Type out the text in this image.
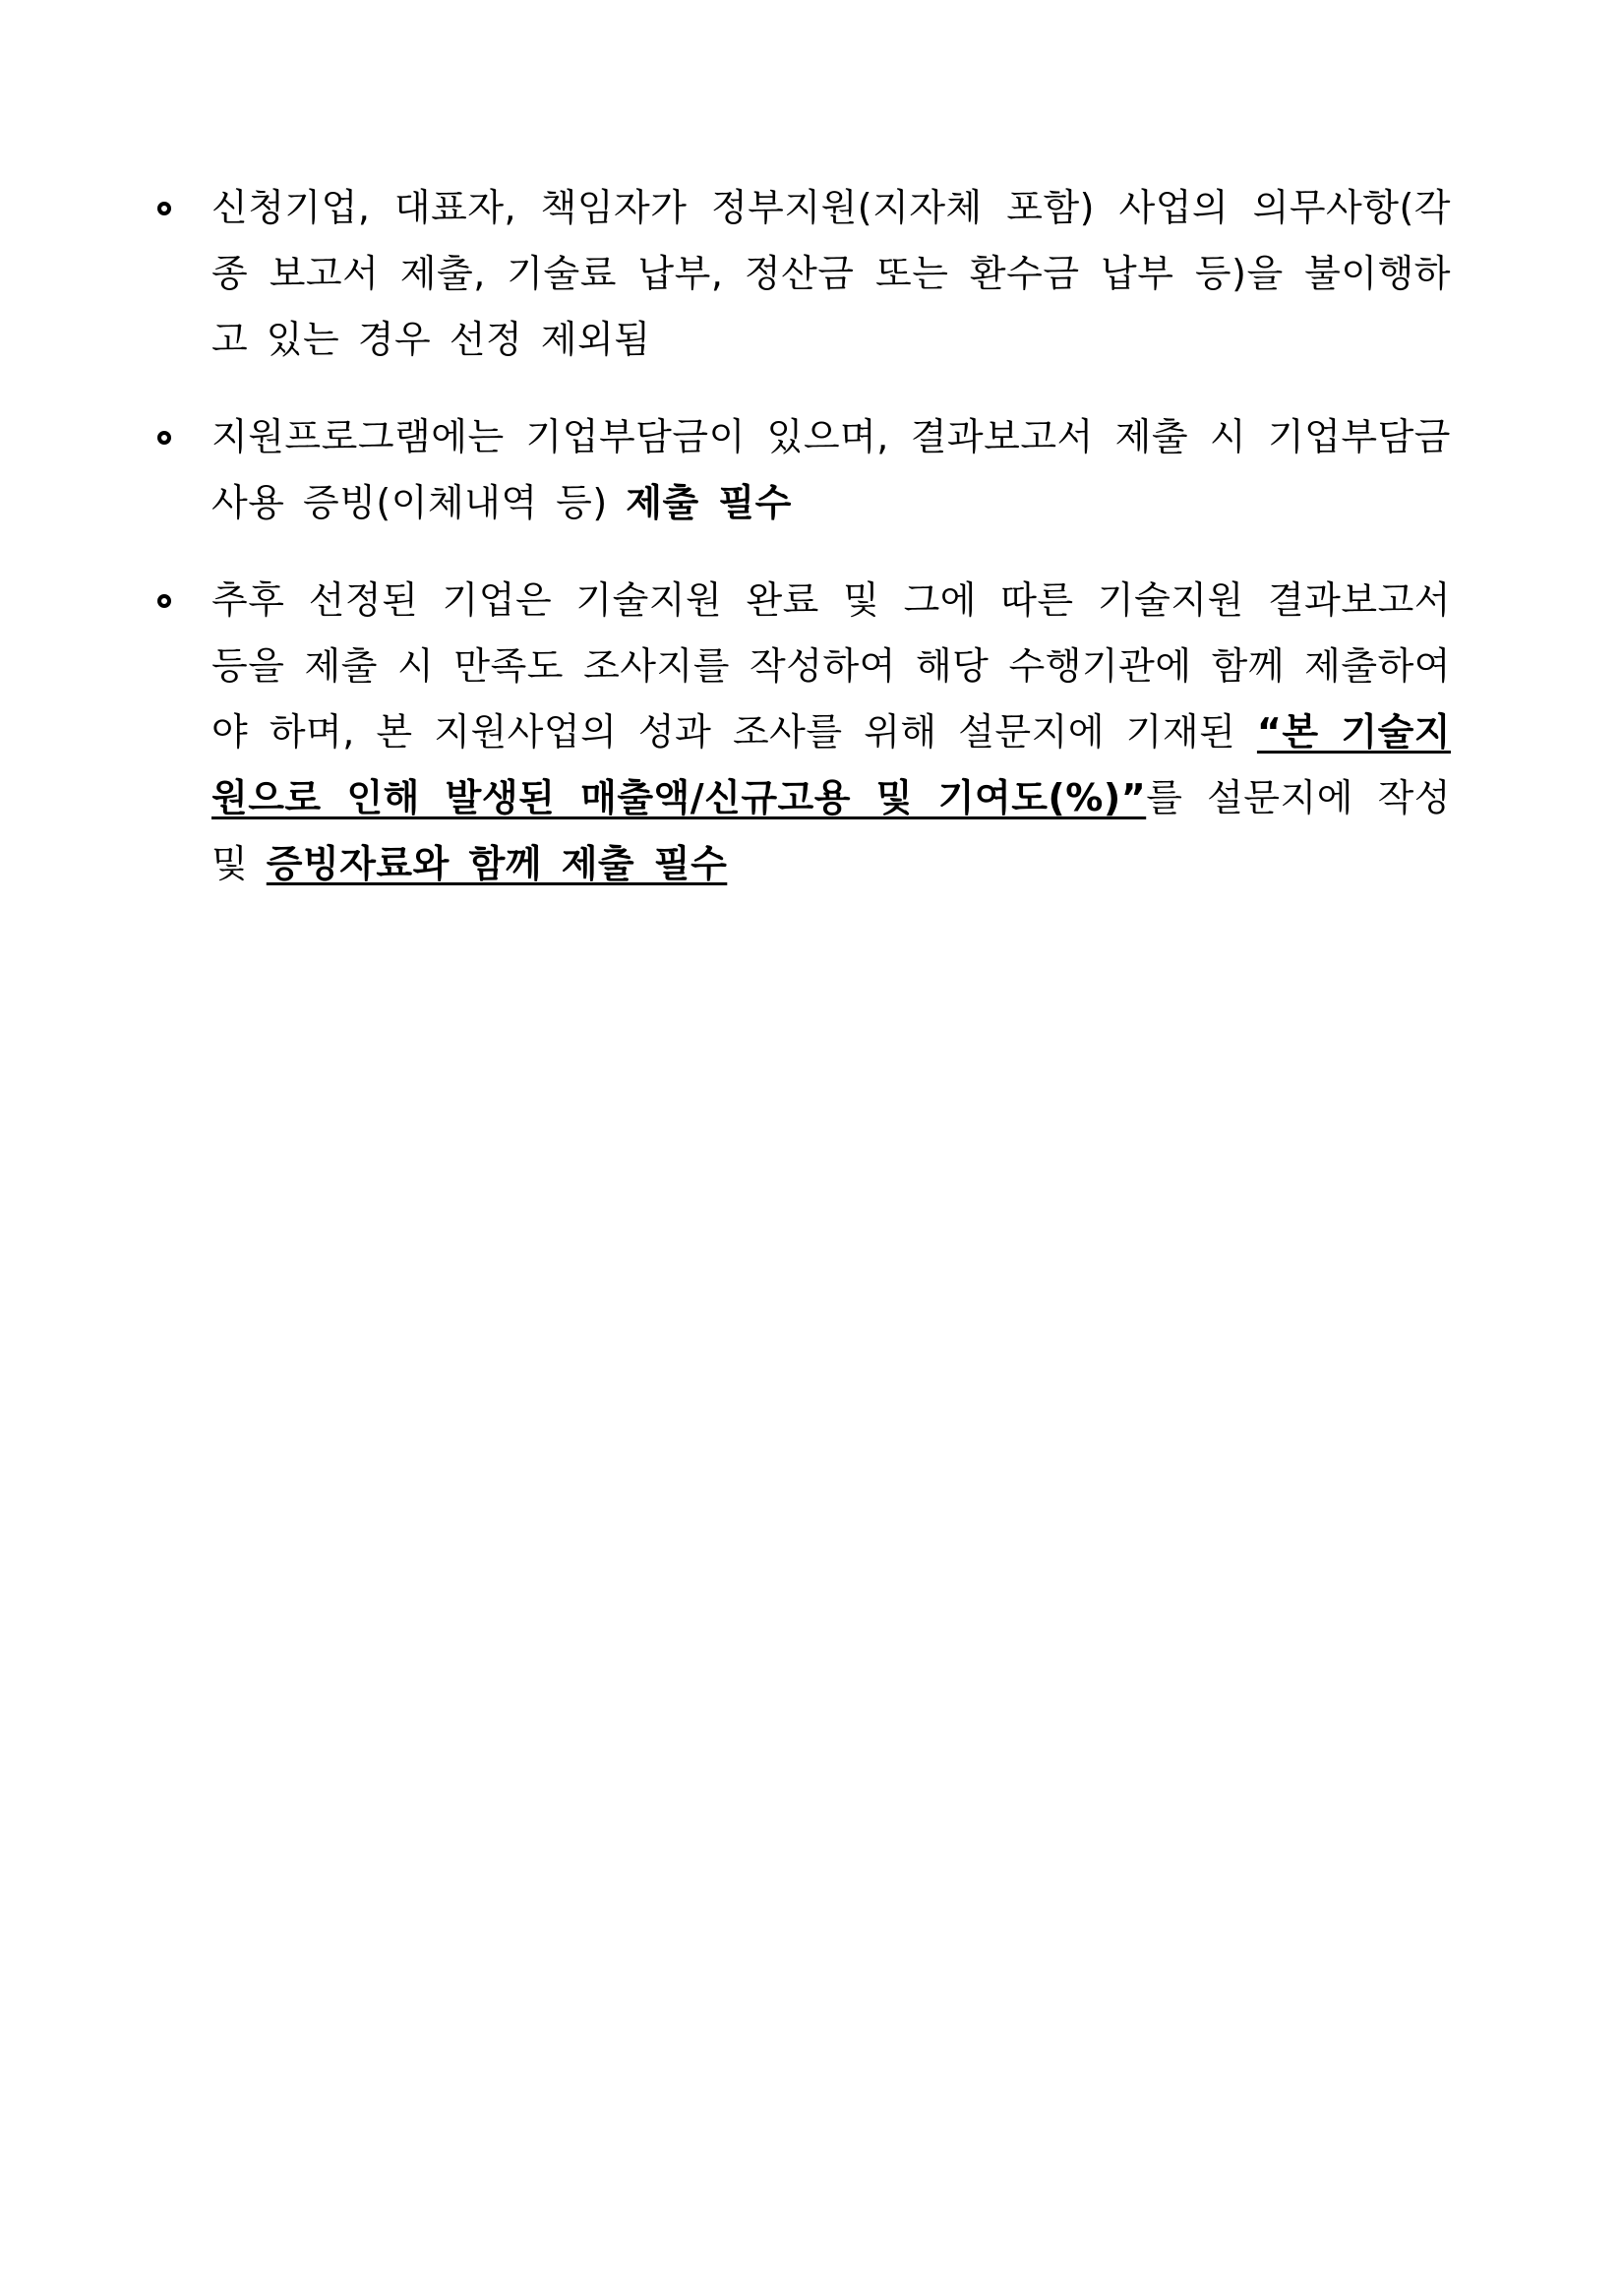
신청기업, 대표자, 책임자가 정부지원(지자체 포함) 사업의 의무사항(각종 보고서 제출, 기술료 납부, 정산금 또는 환수금 납부 등)을 불이행하고 있는 경우 선정 제외됨
지원프로그램에는 기업부담금이 있으며, 결과보고서 제출 시 기업부담금 사용 증빙(이체내역 등) 제출 필수
추후 선정된 기업은 기술지원 완료 및 그에 따른 기술지원 결과보고서 등을 제출 시 만족도 조사지를 작성하여 해당 수행기관에 함께 제출하여야 하며, 본 지원사업의 성과 조사를 위해 설문지에 기재된 “본 기술지원으로 인해 발생된 매출액/신규고용 및 기여도(%)”를 설문지에 작성 및 증빙자료와 함께 제출 필수
